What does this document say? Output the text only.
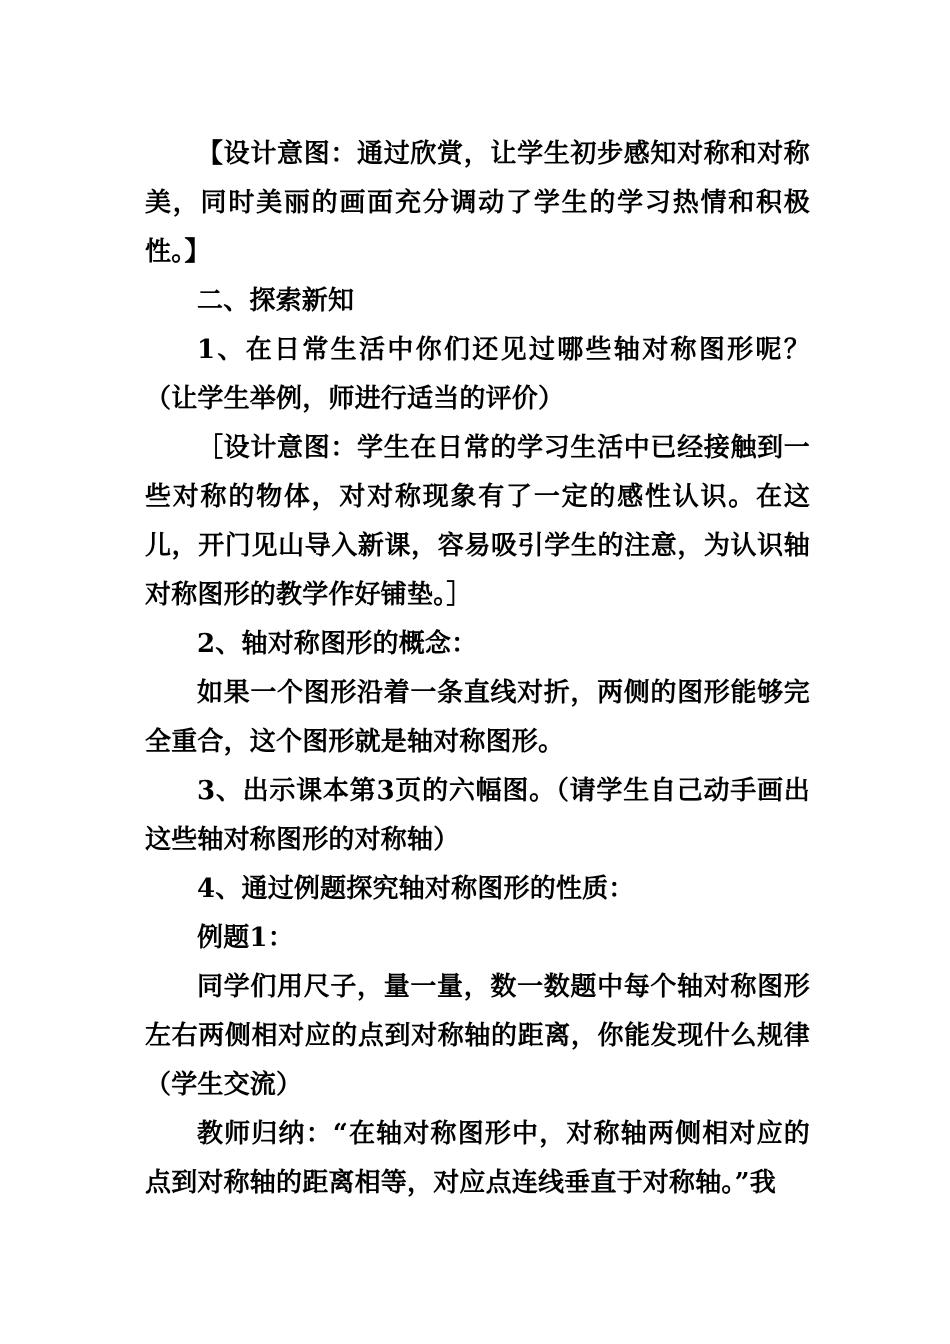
【设计意图：通过欣赏，让学生初步感知对称和对称美，同时美丽的画面充分调动了学生的学习热情和积极性。】

二、探索新知

1、在日常生活中你们还见过哪些轴对称图形呢？（让学生举例，师进行适当的评价）

［设计意图：学生在日常的学习生活中已经接触到一些对称的物体，对对称现象有了一定的感性认识。在这儿，开门见山导入新课，容易吸引学生的注意，为认识轴对称图形的教学作好铺垫。］

2、轴对称图形的概念：

如果一个图形沿着一条直线对折，两侧的图形能够完全重合，这个图形就是轴对称图形。

3、出示课本第3页的六幅图。（请学生自己动手画出这些轴对称图形的对称轴）

4、通过例题探究轴对称图形的性质：

例题1：

同学们用尺子，量一量，数一数题中每个轴对称图形左右两侧相对应的点到对称轴的距离，你能发现什么规律（学生交流）

教师归纳：“在轴对称图形中，对称轴两侧相对应的点到对称轴的距离相等，对应点连线垂直于对称轴。”我
